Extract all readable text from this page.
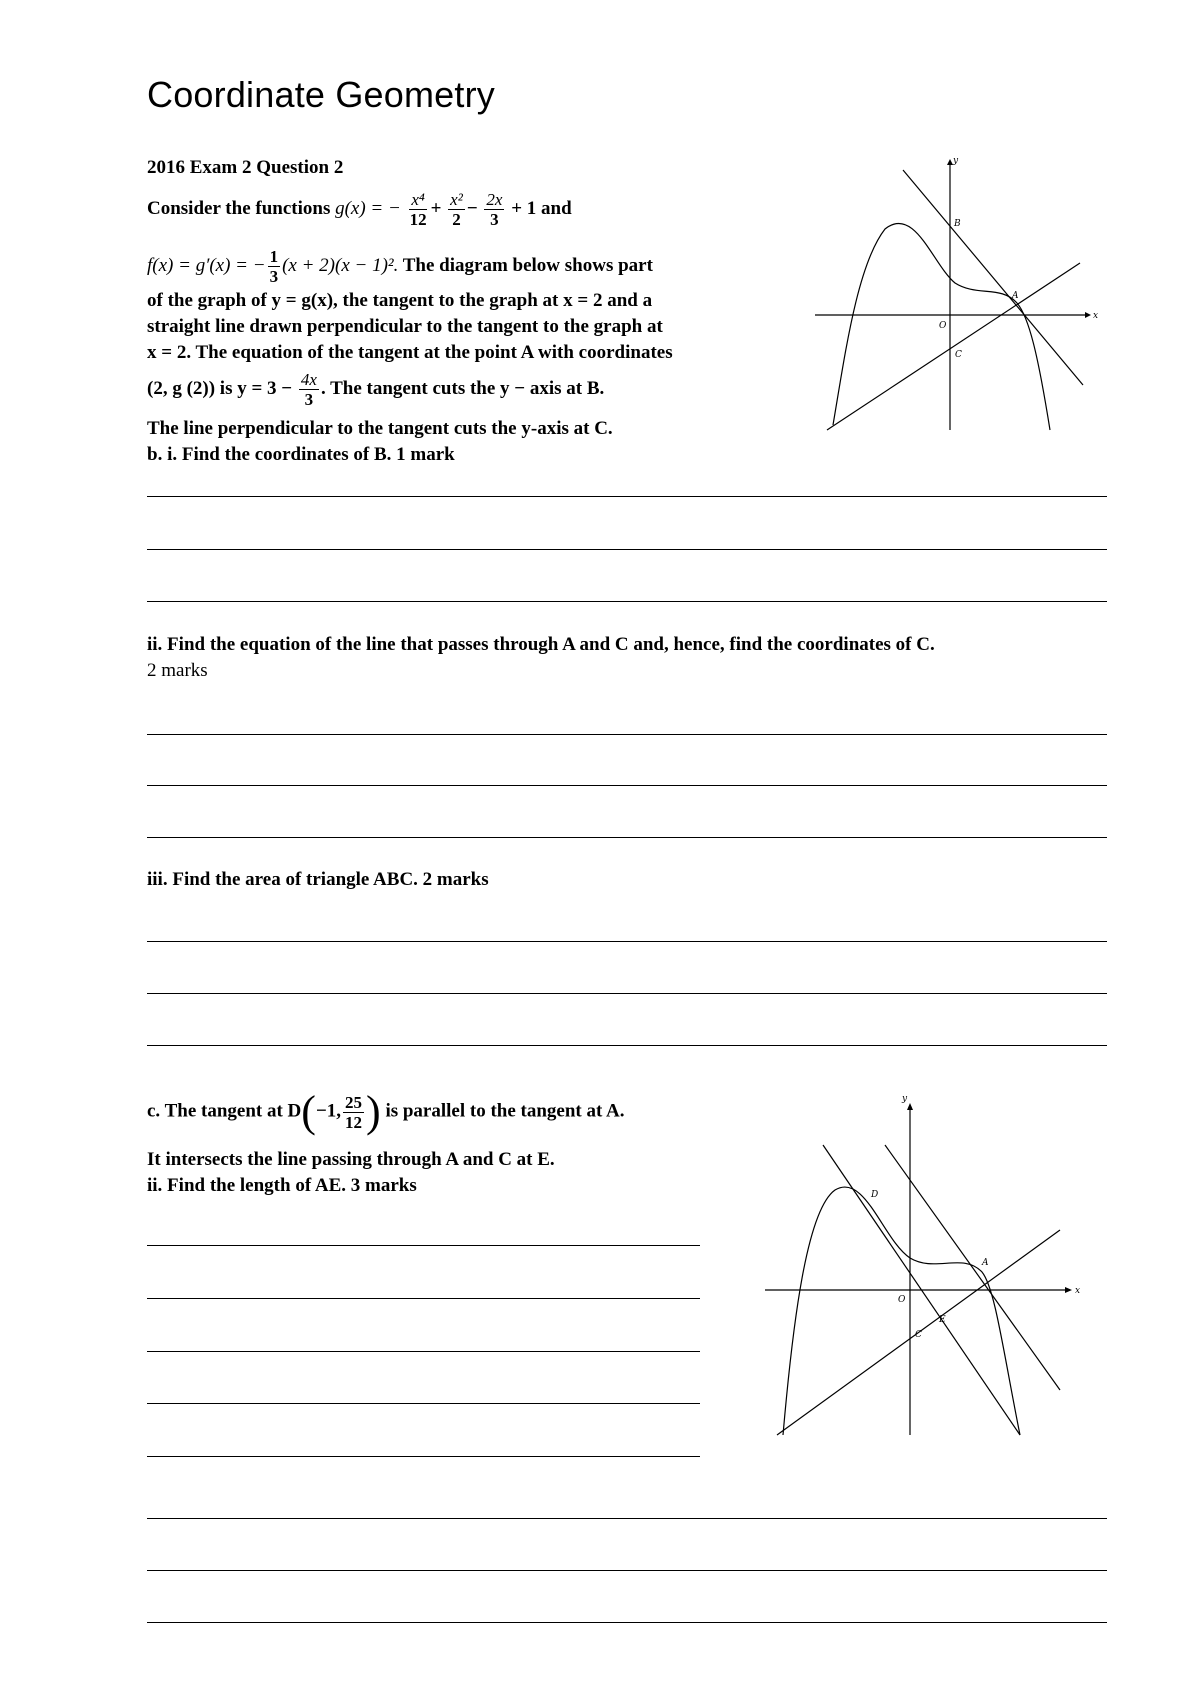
Coordinate Geometry
2016 Exam 2 Question 2
Consider the functions g(x) = − $\frac{\text{x⁴}}{12} + \frac{\text{x²}}{2} - \frac{2x}{3} + 1$ and
f(x) = g′(x) = − $\frac{1}{3} (x + 2)(x - 1)^2$. The diagram below shows part
of the graph of y = g(x), the tangent to the graph at x = 2 and a
straight line drawn perpendicular to the tangent to the graph at
x = 2. The equation of the tangent at the point A with coordinates
(2, g (2)) is $y = 3 - \frac{4x}{3}$ . The tangent cuts the y − axis at B.
The line perpendicular to the tangent cuts the y-axis at C.
b. i. Find the coordinates of B. 1 mark
ii. Find the equation of the line that passes through A and C and, hence, find the coordinates of C.
2 marks
iii. Find the area of triangle ABC. 2 marks
c. The tangent at D(−1, $\frac{25}{12}$ ) is parallel to the tangent at A.
It intersects the line passing through A and C at E.
ii. Find the length of AE. 3 marks
y
x
B
A
O
C
y
x
D
A
O
C
E
